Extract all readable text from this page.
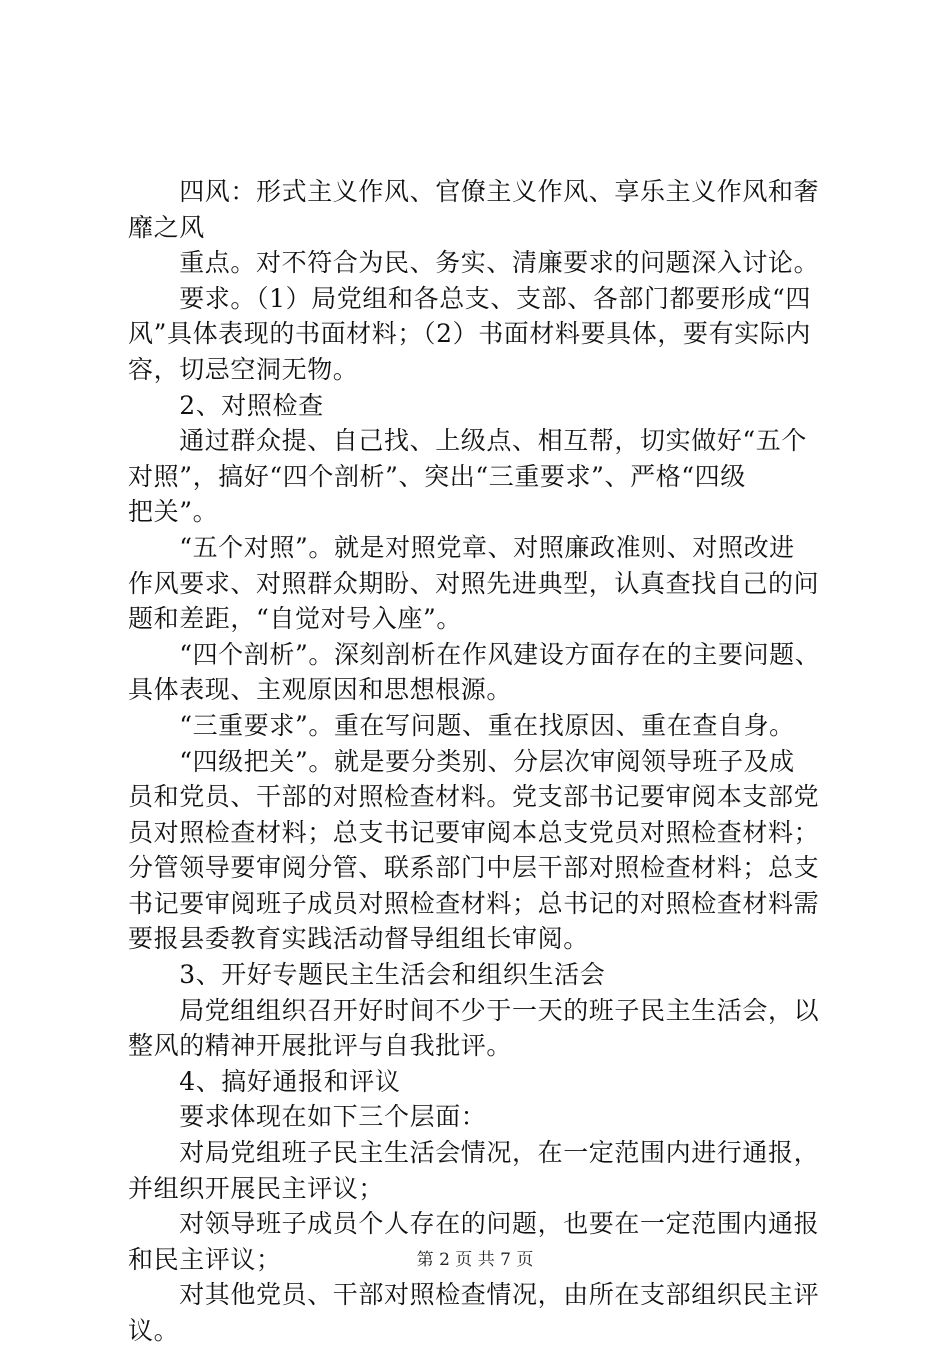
　　四风：形式主义作风、官僚主义作风、享乐主义作风和奢
靡之风
　　重点。对不符合为民、务实、清廉要求的问题深入讨论。
　　要求。（1）局党组和各总支、支部、各部门都要形成“四
风”具体表现的书面材料；（2）书面材料要具体，要有实际内
容，切忌空洞无物。
　　2、对照检查
　　通过群众提、自己找、上级点、相互帮，切实做好“五个
对照”，搞好“四个剖析”、突出“三重要求”、严格“四级
把关”。
　　“五个对照”。就是对照党章、对照廉政准则、对照改进
作风要求、对照群众期盼、对照先进典型，认真查找自己的问
题和差距，“自觉对号入座”。
　　“四个剖析”。深刻剖析在作风建设方面存在的主要问题、
具体表现、主观原因和思想根源。
　　“三重要求”。重在写问题、重在找原因、重在查自身。
　　“四级把关”。就是要分类别、分层次审阅领导班子及成
员和党员、干部的对照检查材料。党支部书记要审阅本支部党
员对照检查材料；总支书记要审阅本总支党员对照检查材料；
分管领导要审阅分管、联系部门中层干部对照检查材料；总支
书记要审阅班子成员对照检查材料；总书记的对照检查材料需
要报县委教育实践活动督导组组长审阅。
　　3、开好专题民主生活会和组织生活会
　　局党组组织召开好时间不少于一天的班子民主生活会，以
整风的精神开展批评与自我批评。
　　4、搞好通报和评议
　　要求体现在如下三个层面：
　　对局党组班子民主生活会情况，在一定范围内进行通报，
并组织开展民主评议；
　　对领导班子成员个人存在的问题，也要在一定范围内通报
和民主评议；
　　对其他党员、干部对照检查情况，由所在支部组织民主评
议。
第 2 页 共 7 页
